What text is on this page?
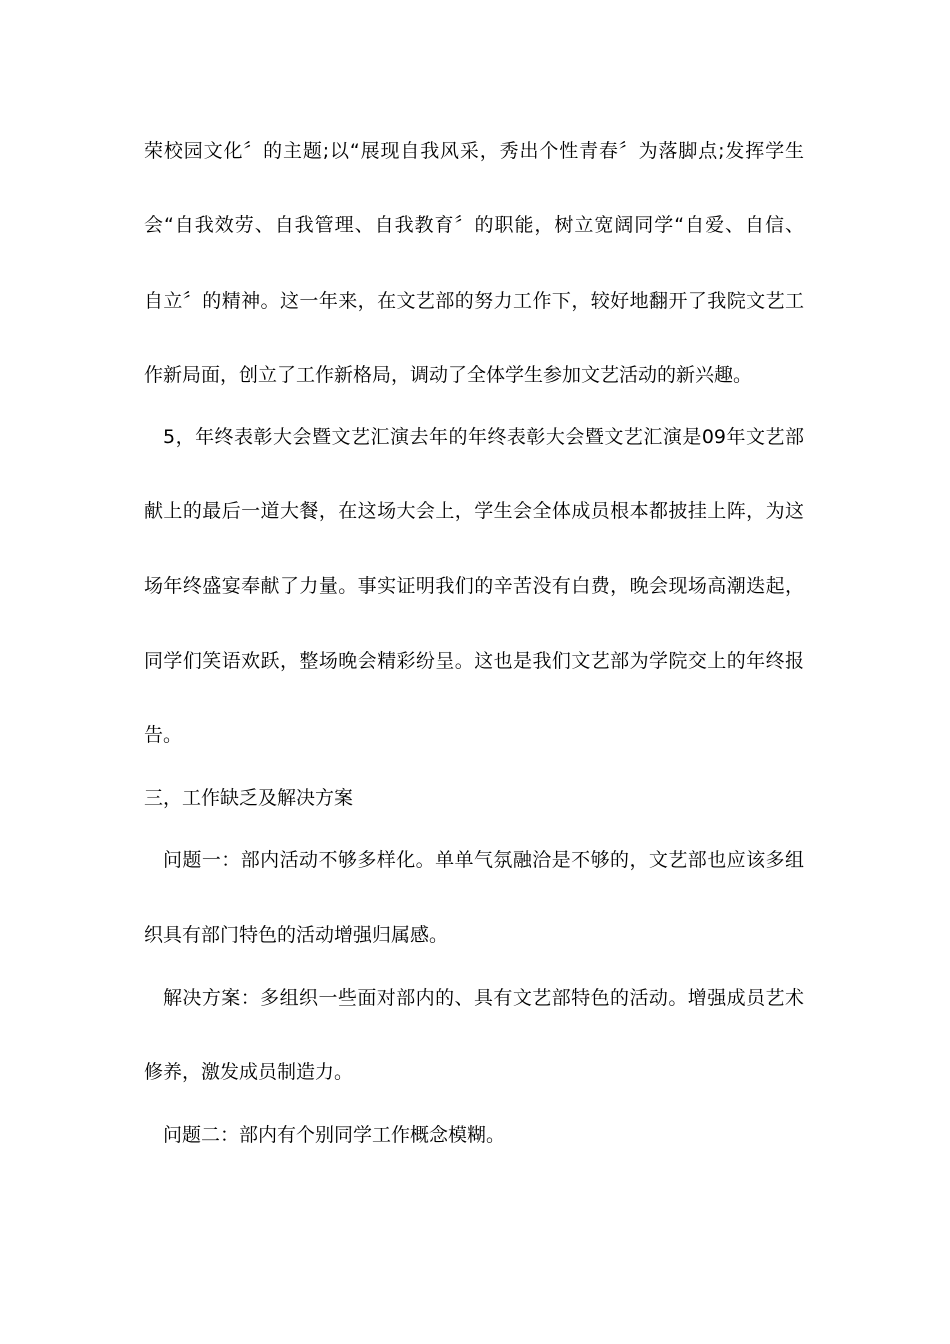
荣校园文化〞的主题;以“展现自我风采，秀出个性青春〞为落脚点;发挥学生
会“自我效劳、自我管理、自我教育〞的职能，树立宽阔同学“自爱、自信、
自立〞的精神。这一年来，在文艺部的努力工作下，较好地翻开了我院文艺工
作新局面，创立了工作新格局，调动了全体学生参加文艺活动的新兴趣。
5，年终表彰大会暨文艺汇演去年的年终表彰大会暨文艺汇演是09年文艺部
献上的最后一道大餐，在这场大会上，学生会全体成员根本都披挂上阵，为这
场年终盛宴奉献了力量。事实证明我们的辛苦没有白费，晚会现场高潮迭起，
同学们笑语欢跃，整场晚会精彩纷呈。这也是我们文艺部为学院交上的年终报
告。
三，工作缺乏及解决方案
问题一：部内活动不够多样化。单单气氛融洽是不够的，文艺部也应该多组
织具有部门特色的活动增强归属感。
解决方案：多组织一些面对部内的、具有文艺部特色的活动。增强成员艺术
修养，激发成员制造力。
问题二：部内有个别同学工作概念模糊。
